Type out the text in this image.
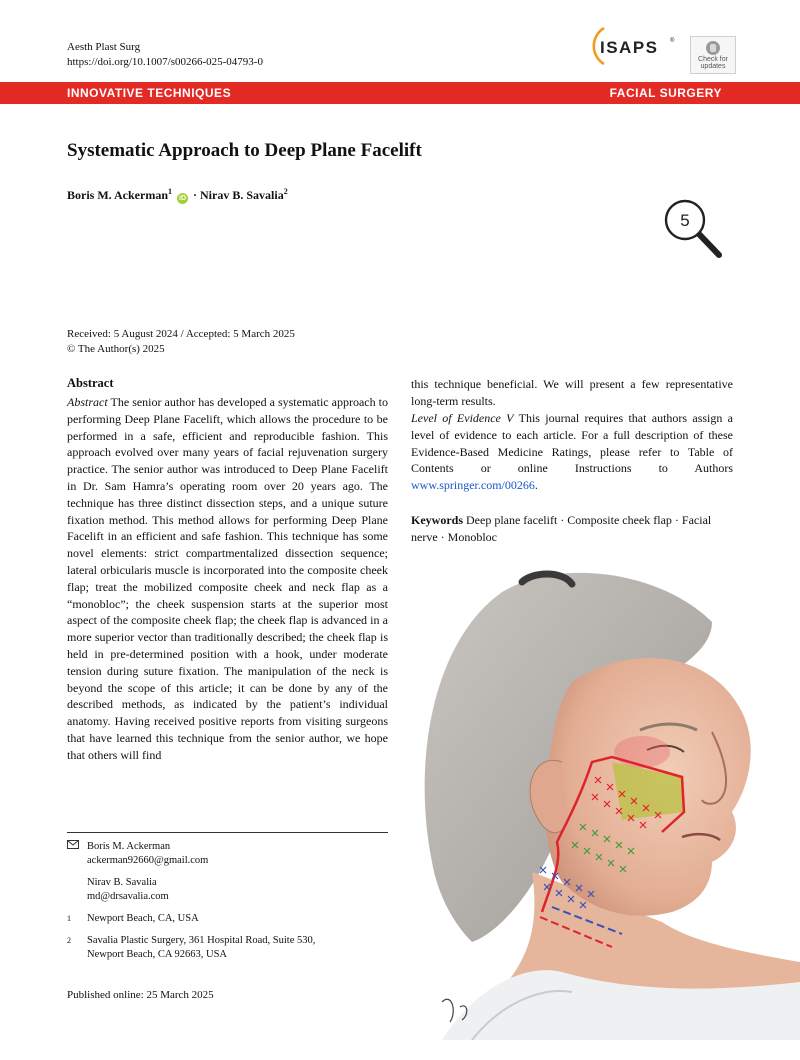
Aesth Plast Surg
https://doi.org/10.1007/s00266-025-04793-0
ISAPS ®
Check for
updates
INNOVATIVE TECHNIQUES	FACIAL SURGERY
Systematic Approach to Deep Plane Facelift
Boris M. Ackerman$^1$ iD · Nirav B. Savalia$^2$
5
Received: 5 August 2024 / Accepted: 5 March 2025
© The Author(s) 2025
Abstract
Abstract The senior author has developed a systematic approach to performing Deep Plane Facelift, which allows the procedure to be performed in a safe, efficient and reproducible fashion. This approach evolved over many years of facial rejuvenation surgery practice. The senior author was introduced to Deep Plane Facelift in Dr. Sam Hamra’s operating room over 20 years ago. The technique has three distinct dissection steps, and a unique suture fixation method. This method allows for performing Deep Plane Facelift in an efficient and safe fashion. This technique has some novel elements: strict compartmentalized dissection sequence; lateral orbicularis muscle is incorporated into the composite cheek flap; treat the mobilized composite cheek and neck flap as a “monobloc”; the cheek suspension starts at the superior most aspect of the composite cheek flap; the cheek flap is advanced in a more superior vector than traditionally described; the cheek flap is held in pre-determined position with a hook, under moderate tension during suture fixation. The manipulation of the neck is beyond the scope of this article; it can be done by any of the described methods, as indicated by the patient’s individual anatomy. Having received positive reports from visiting surgeons that have learned this technique from the senior author, we hope that others will find
this technique beneficial. We will present a few representative long-term results.
Level of Evidence V This journal requires that authors assign a level of evidence to each article. For a full description of these Evidence-Based Medicine Ratings, please refer to Table of Contents or online Instructions to Authors www.springer.com/00266.
Keywords Deep plane facelift · Composite cheek flap · Facial nerve · Monobloc
Boris M. Ackerman
ackerman92660@gmail.com
Nirav B. Savalia
md@drsavalia.com
1	Newport Beach, CA, USA
2	Savalia Plastic Surgery, 361 Hospital Road, Suite 530,
Newport Beach, CA 92663, USA
Published online: 25 March 2025
